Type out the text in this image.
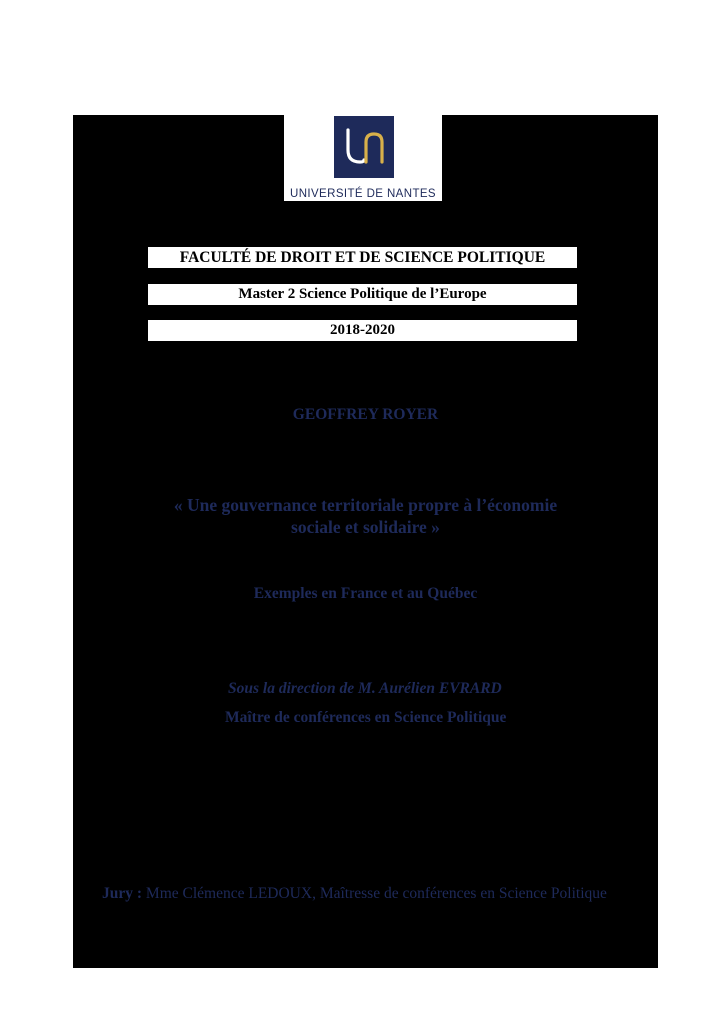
UNIVERSITÉ DE NANTES
FACULTÉ DE DROIT ET DE SCIENCE POLITIQUE
Master 2 Science Politique de l’Europe
2018-2020
GEOFFREY ROYER
« Une gouvernance territoriale propre à l’économie
sociale et solidaire »
Exemples en France et au Québec
Sous la direction de M. Aurélien EVRARD
Maître de conférences en Science Politique
Jury : Mme Clémence LEDOUX, Maîtresse de conférences en Science Politique
